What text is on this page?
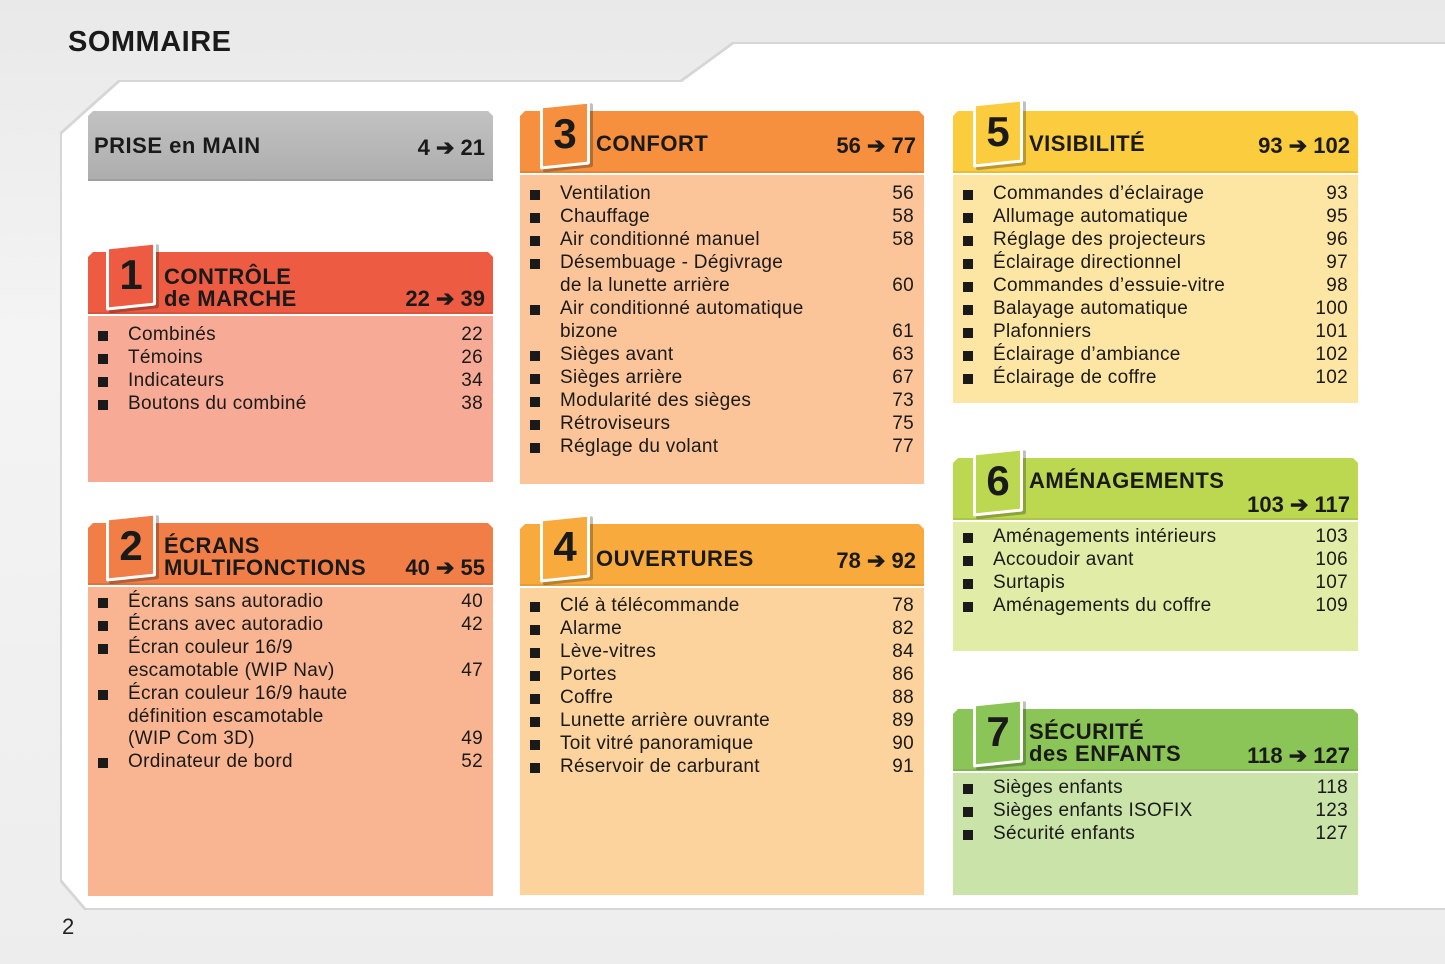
SOMMAIRE
2
PRISE en MAIN	4 ➔ 21
CONTRÔLE
de MARCHE	22 ➔ 39
1
Combinés	22
Témoins	26
Indicateurs	34
Boutons du combiné	38
ÉCRANS
MULTIFONCTIONS 40 ➔ 55
2
Écrans sans autoradio	40
Écrans avec autoradio	42
Écran couleur 16/9
escamotable (WIP Nav)	47
Écran couleur 16/9 haute
définition escamotable
(WIP Com 3D)	49
Ordinateur de bord	52
CONFORT	56 ➔ 77
3
Ventilation	56
Chauffage	58
Air conditionné manuel	58
Désembuage - Dégivrage
de la lunette arrière	60
Air conditionné automatique
bizone	61
Sièges avant	63
Sièges arrière	67
Modularité des sièges	73
Rétroviseurs	75
Réglage du volant	77
OUVERTURES	78 ➔ 92
4
Clé à télécommande	78
Alarme	82
Lève-vitres	84
Portes	86
Coffre	88
Lunette arrière ouvrante	89
Toit vitré panoramique	90
Réservoir de carburant	91
VISIBILITÉ	93 ➔ 102
5
Commandes d’éclairage	93
Allumage automatique	95
Réglage des projecteurs	96
Éclairage directionnel	97
Commandes d’essuie-vitre	98
Balayage automatique	100
Plafonniers	101
Éclairage d’ambiance	102
Éclairage de coffre	102
AMÉNAGEMENTS
103 ➔ 117
6
Aménagements intérieurs	103
Accoudoir avant	106
Surtapis	107
Aménagements du coffre	109
SÉCURITÉ
des ENFANTS	118 ➔ 127
7
Sièges enfants	118
Sièges enfants ISOFIX	123
Sécurité enfants	127
